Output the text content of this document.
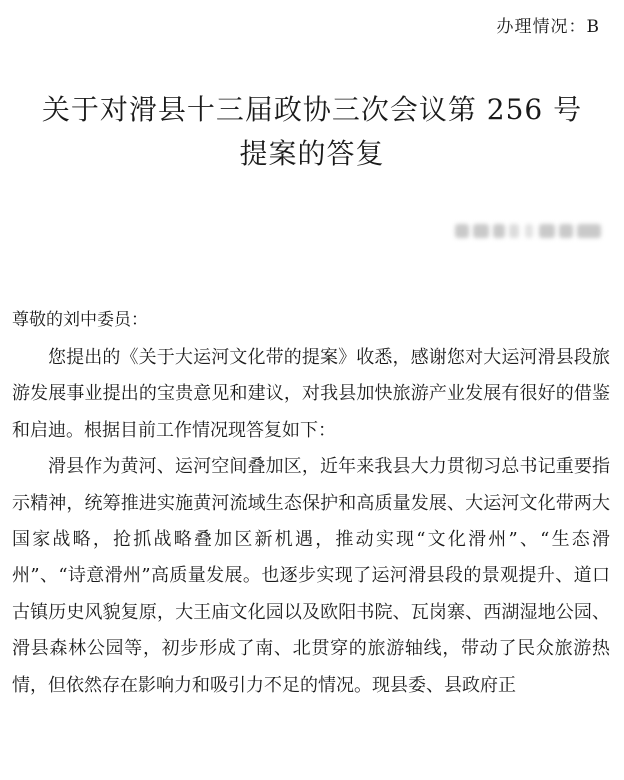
办理情况：B
关于对滑县十三届政协三次会议第 256 号
提案的答复
尊敬的刘中委员：

您提出的《关于大运河文化带的提案》收悉，感谢您对大运河滑县段旅游发展事业提出的宝贵意见和建议，对我县加快旅游产业发展有很好的借鉴和启迪。根据目前工作情况现答复如下：

滑县作为黄河、运河空间叠加区，近年来我县大力贯彻习总书记重要指示精神，统筹推进实施黄河流域生态保护和高质量发展、大运河文化带两大国家战略，抢抓战略叠加区新机遇，推动实现“文化滑州”、“生态滑州”、“诗意滑州”高质量发展。也逐步实现了运河滑县段的景观提升、道口古镇历史风貌复原，大王庙文化园以及欧阳书院、瓦岗寨、西湖湿地公园、滑县森林公园等，初步形成了南、北贯穿的旅游轴线，带动了民众旅游热情，但依然存在影响力和吸引力不足的情况。现县委、县政府正
